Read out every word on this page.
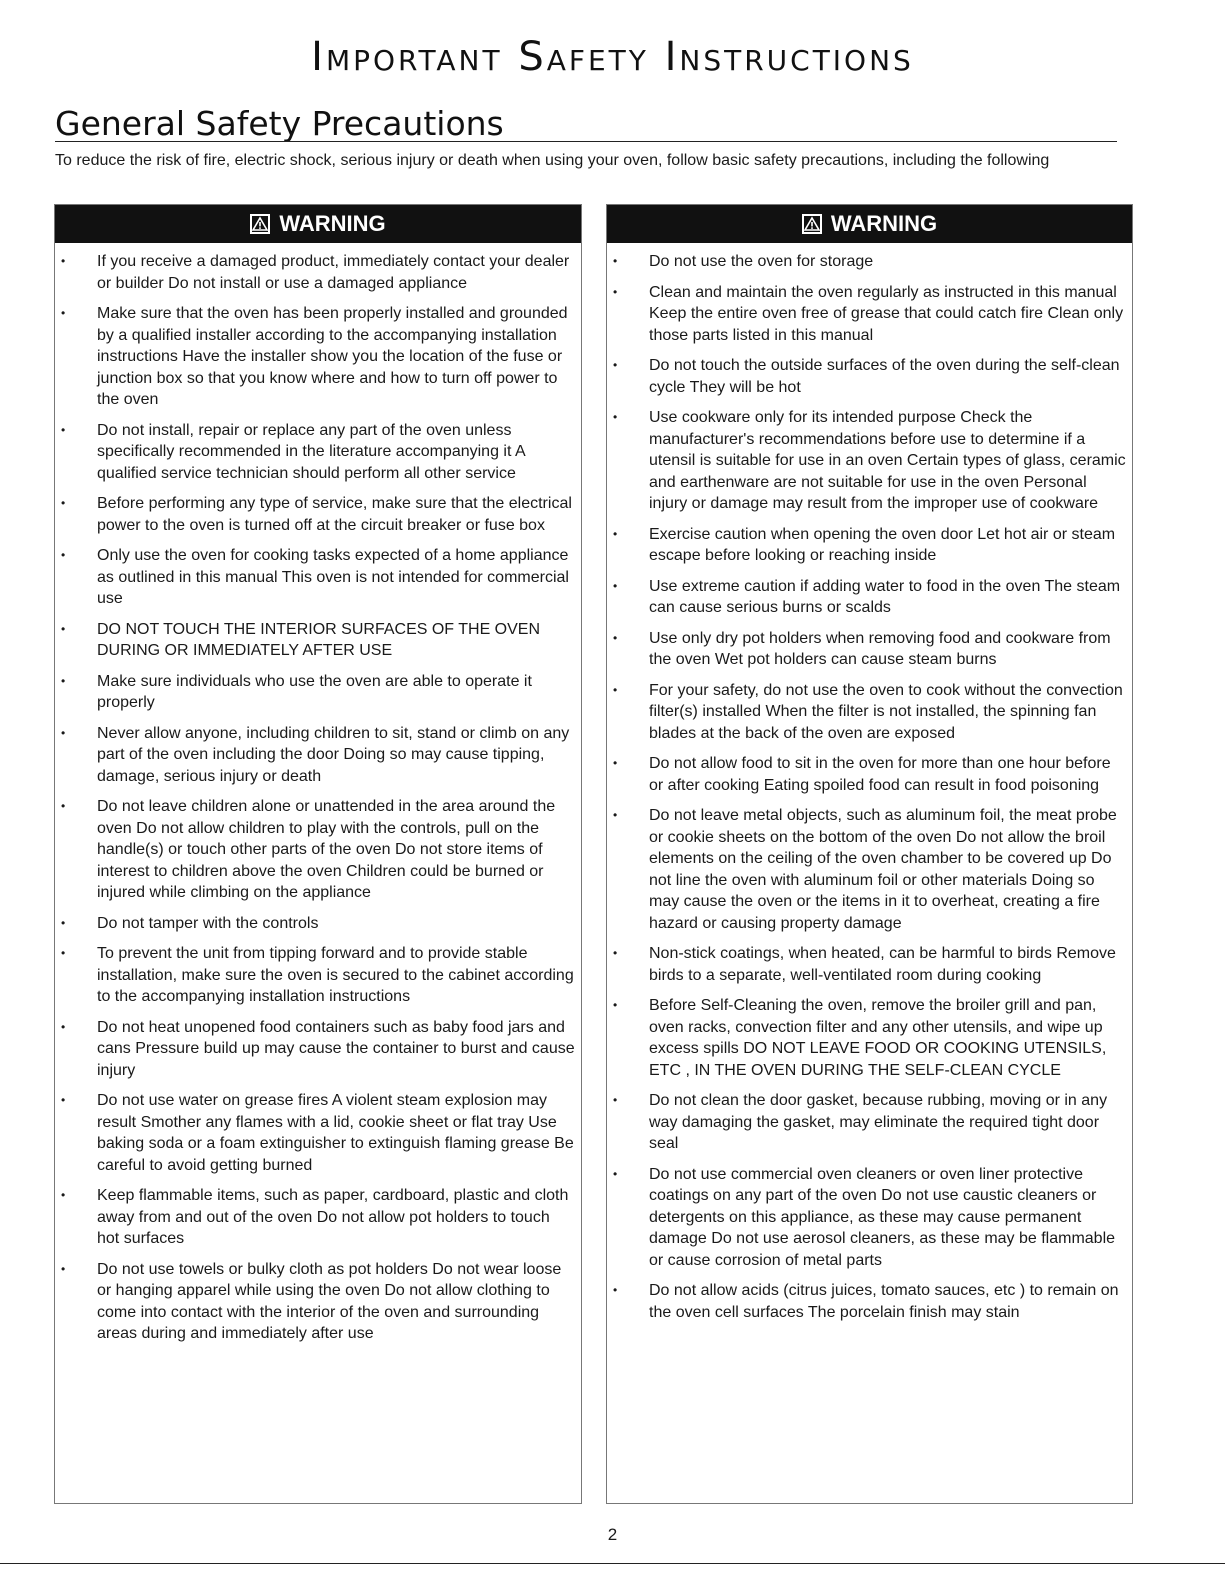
Important Safety Instructions
General Safety Precautions

To reduce the risk of fire, electric shock, serious injury or death when using your oven, follow basic safety precautions, including the following

WARNING
• If you receive a damaged product, immediately contact your dealer or builder Do not install or use a damaged appliance
• Make sure that the oven has been properly installed and grounded by a qualified installer according to the accompanying installation instructions Have the installer show you the location of the fuse or junction box so that you know where and how to turn off power to the oven
• Do not install, repair or replace any part of the oven unless specifically recommended in the literature accompanying it A qualified service technician should perform all other service
• Before performing any type of service, make sure that the electrical power to the oven is turned off at the circuit breaker or fuse box
• Only use the oven for cooking tasks expected of a home appliance as outlined in this manual This oven is not intended for commercial use
• DO NOT TOUCH THE INTERIOR SURFACES OF THE OVEN DURING OR IMMEDIATELY AFTER USE
• Make sure individuals who use the oven are able to operate it properly
• Never allow anyone, including children to sit, stand or climb on any part of the oven including the door Doing so may cause tipping, damage, serious injury or death
• Do not leave children alone or unattended in the area around the oven Do not allow children to play with the controls, pull on the handle(s) or touch other parts of the oven Do not store items of interest to children above the oven Children could be burned or injured while climbing on the appliance
• Do not tamper with the controls
• To prevent the unit from tipping forward and to provide stable installation, make sure the oven is secured to the cabinet according to the accompanying installation instructions
• Do not heat unopened food containers such as baby food jars and cans Pressure build up may cause the container to burst and cause injury
• Do not use water on grease fires A violent steam explosion may result Smother any flames with a lid, cookie sheet or flat tray Use baking soda or a foam extinguisher to extinguish flaming grease Be careful to avoid getting burned
• Keep flammable items, such as paper, cardboard, plastic and cloth away from and out of the oven Do not allow pot holders to touch hot surfaces
• Do not use towels or bulky cloth as pot holders Do not wear loose or hanging apparel while using the oven Do not allow clothing to come into contact with the interior of the oven and surrounding areas during and immediately after use
WARNING
• Do not use the oven for storage
• Clean and maintain the oven regularly as instructed in this manual Keep the entire oven free of grease that could catch fire Clean only those parts listed in this manual
• Do not touch the outside surfaces of the oven during the self-clean cycle They will be hot
• Use cookware only for its intended purpose Check the manufacturer's recommendations before use to determine if a utensil is suitable for use in an oven Certain types of glass, ceramic and earthenware are not suitable for use in the oven Personal injury or damage may result from the improper use of cookware
• Exercise caution when opening the oven door Let hot air or steam escape before looking or reaching inside
• Use extreme caution if adding water to food in the oven The steam can cause serious burns or scalds
• Use only dry pot holders when removing food and cookware from the oven Wet pot holders can cause steam burns
• For your safety, do not use the oven to cook without the convection filter(s) installed When the filter is not installed, the spinning fan blades at the back of the oven are exposed
• Do not allow food to sit in the oven for more than one hour before or after cooking Eating spoiled food can result in food poisoning
• Do not leave metal objects, such as aluminum foil, the meat probe or cookie sheets on the bottom of the oven Do not allow the broil elements on the ceiling of the oven chamber to be covered up Do not line the oven with aluminum foil or other materials Doing so may cause the oven or the items in it to overheat, creating a fire hazard or causing property damage
• Non-stick coatings, when heated, can be harmful to birds Remove birds to a separate, well-ventilated room during cooking
• Before Self-Cleaning the oven, remove the broiler grill and pan, oven racks, convection filter and any other utensils, and wipe up excess spills DO NOT LEAVE FOOD OR COOKING UTENSILS, ETC , IN THE OVEN DURING THE SELF-CLEAN CYCLE
• Do not clean the door gasket, because rubbing, moving or in any way damaging the gasket, may eliminate the required tight door seal
• Do not use commercial oven cleaners or oven liner protective coatings on any part of the oven Do not use caustic cleaners or detergents on this appliance, as these may cause permanent damage Do not use aerosol cleaners, as these may be flammable or cause corrosion of metal parts
• Do not allow acids (citrus juices, tomato sauces, etc ) to remain on the oven cell surfaces The porcelain finish may stain
2
